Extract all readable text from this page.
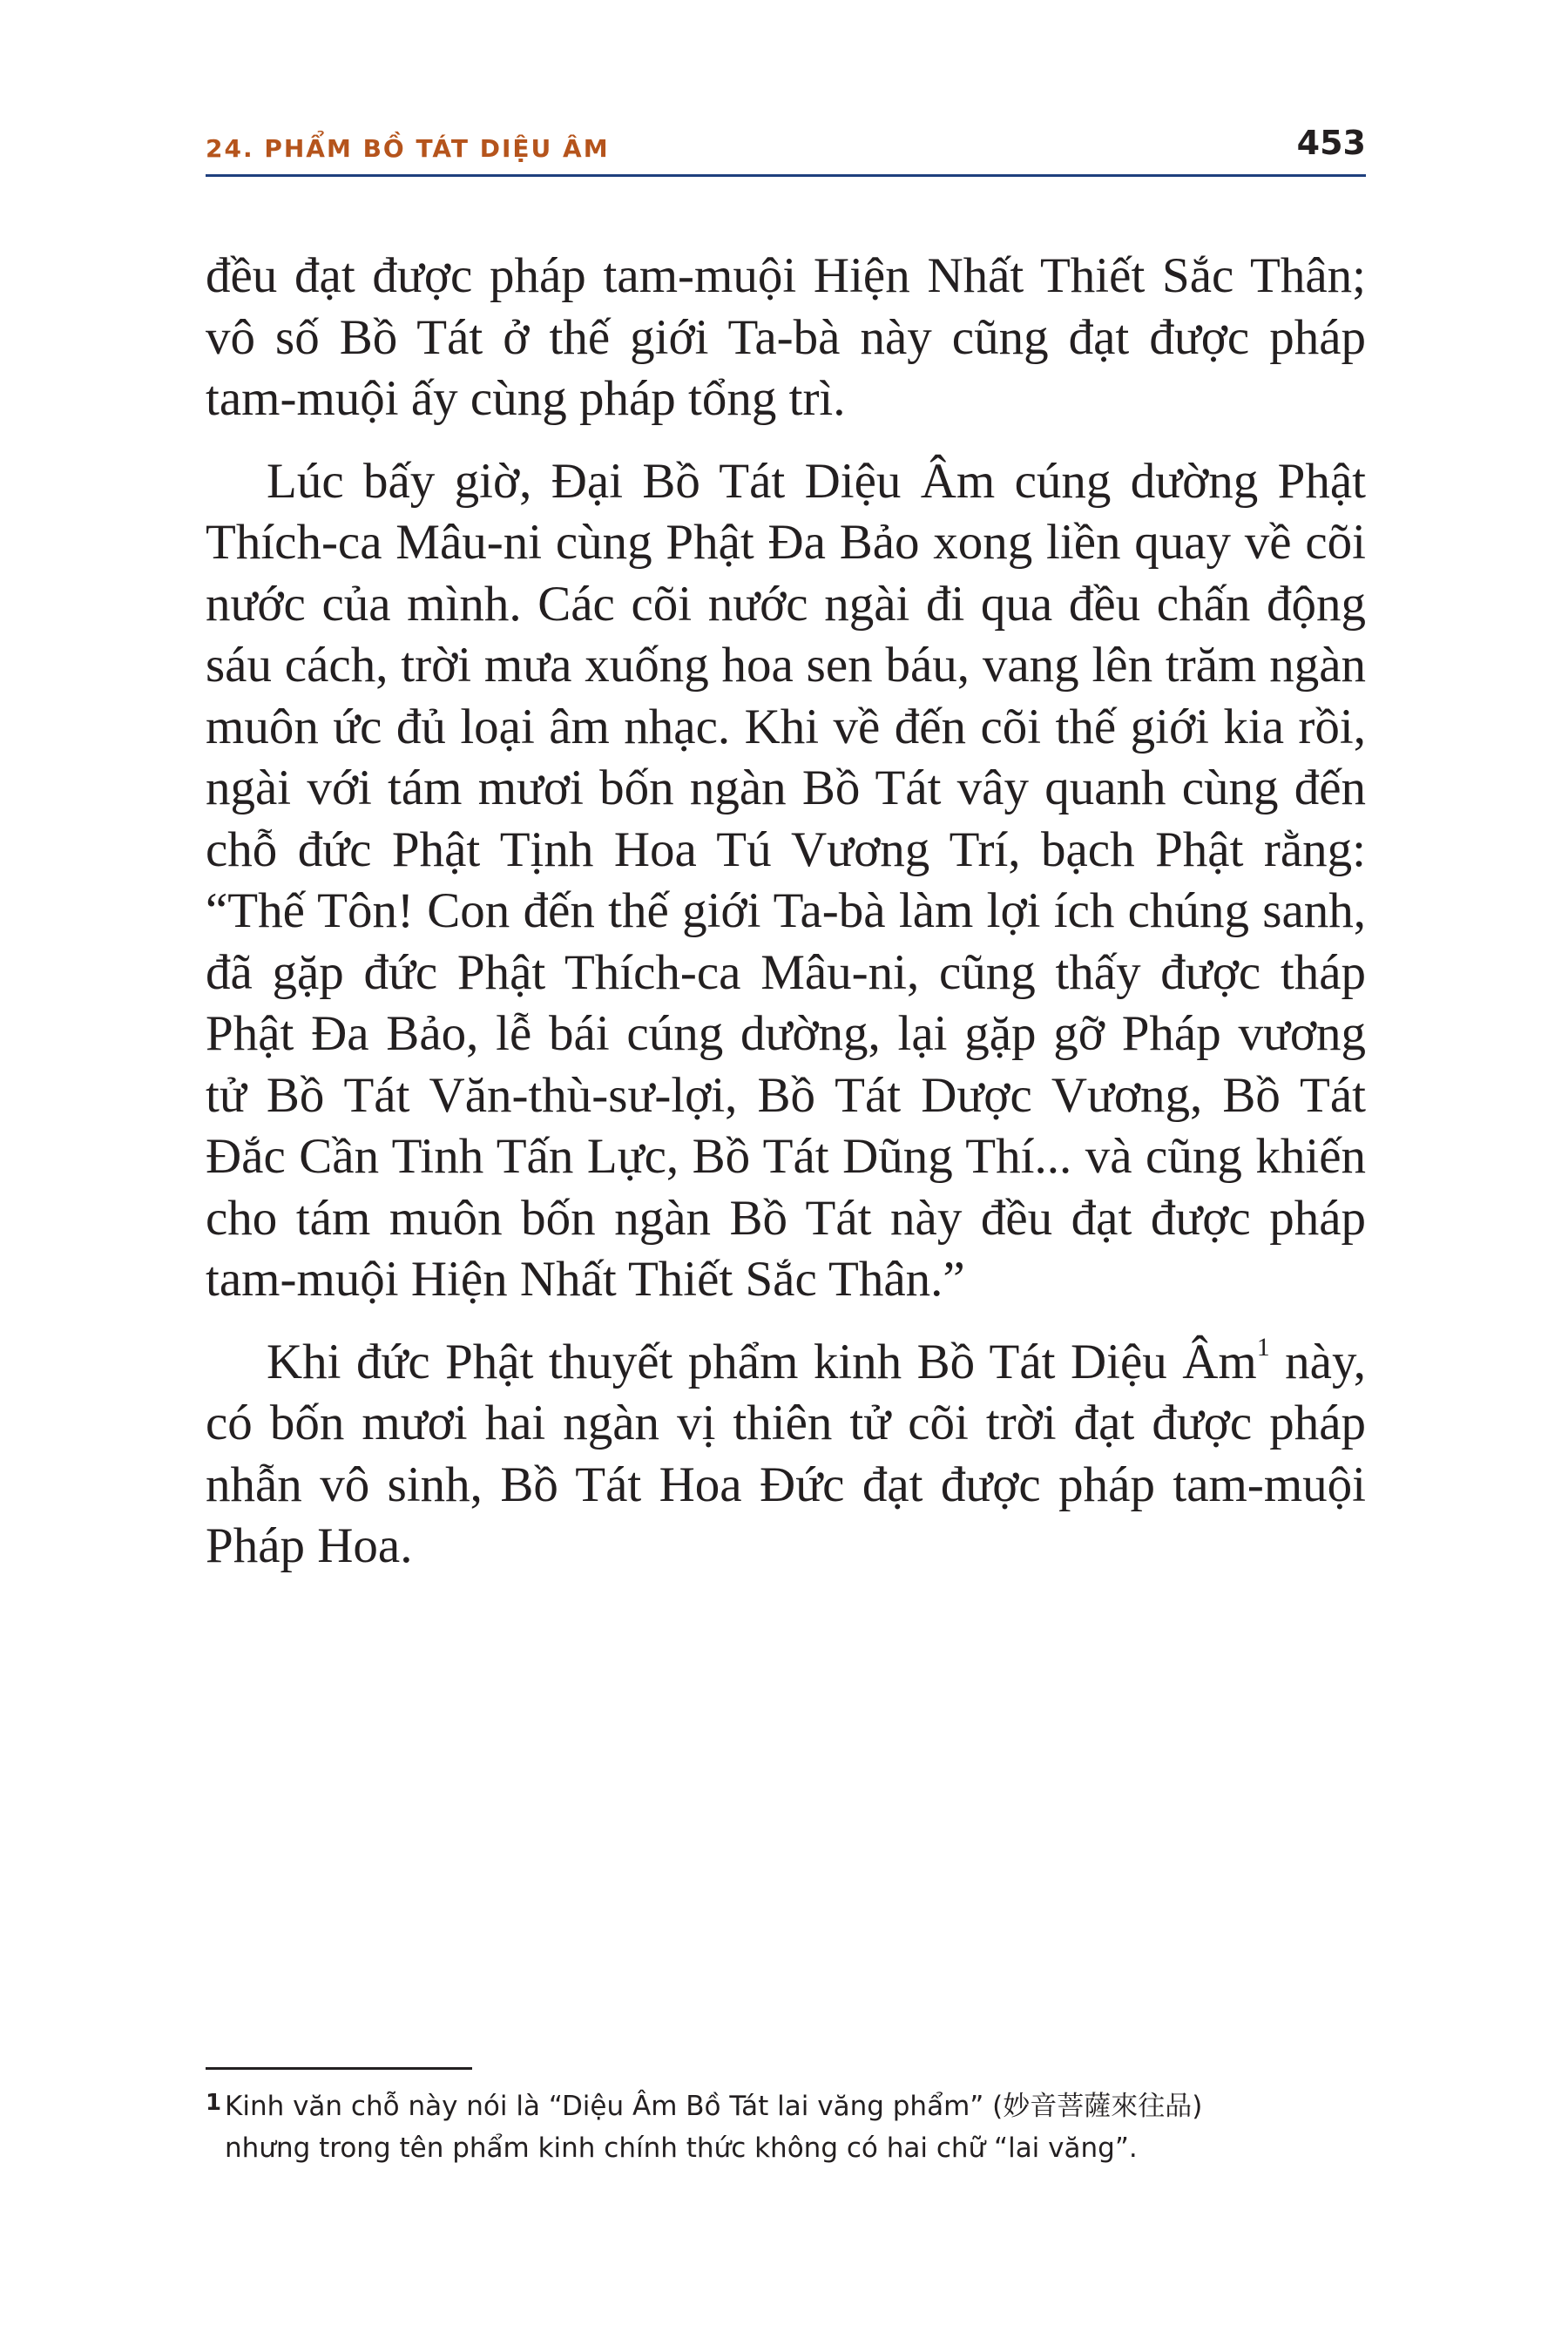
24. PHẨM BỒ TÁT DIỆU ÂM	453

đều đạt được pháp tam-muội Hiện Nhất Thiết Sắc Thân; vô số Bồ Tát ở thế giới Ta-bà này cũng đạt được pháp tam-muội ấy cùng pháp tổng trì.

Lúc bấy giờ, Đại Bồ Tát Diệu Âm cúng dường Phật Thích-ca Mâu-ni cùng Phật Đa Bảo xong liền quay về cõi nước của mình. Các cõi nước ngài đi qua đều chấn động sáu cách, trời mưa xuống hoa sen báu, vang lên trăm ngàn muôn ức đủ loại âm nhạc. Khi về đến cõi thế giới kia rồi, ngài với tám mươi bốn ngàn Bồ Tát vây quanh cùng đến chỗ đức Phật Tịnh Hoa Tú Vương Trí, bạch Phật rằng: “Thế Tôn! Con đến thế giới Ta-bà làm lợi ích chúng sanh, đã gặp đức Phật Thích-ca Mâu-ni, cũng thấy được tháp Phật Đa Bảo, lễ bái cúng dường, lại gặp gỡ Pháp vương tử Bồ Tát Văn-thù-sư-lợi, Bồ Tát Dược Vương, Bồ Tát Đắc Cần Tinh Tấn Lực, Bồ Tát Dũng Thí... và cũng khiến cho tám muôn bốn ngàn Bồ Tát này đều đạt được pháp tam-muội Hiện Nhất Thiết Sắc Thân.”

Khi đức Phật thuyết phẩm kinh Bồ Tát Diệu $Âm^1$ này, có bốn mươi hai ngàn vị thiên tử cõi trời đạt được pháp nhẫn vô sinh, Bồ Tát Hoa Đức đạt được pháp tam-muội Pháp Hoa.

1 Kinh văn chỗ này nói là “Diệu Âm Bồ Tát lai văng phẩm” (妙音菩薩來往品)
nhưng trong tên phẩm kinh chính thức không có hai chữ “lai văng”.
